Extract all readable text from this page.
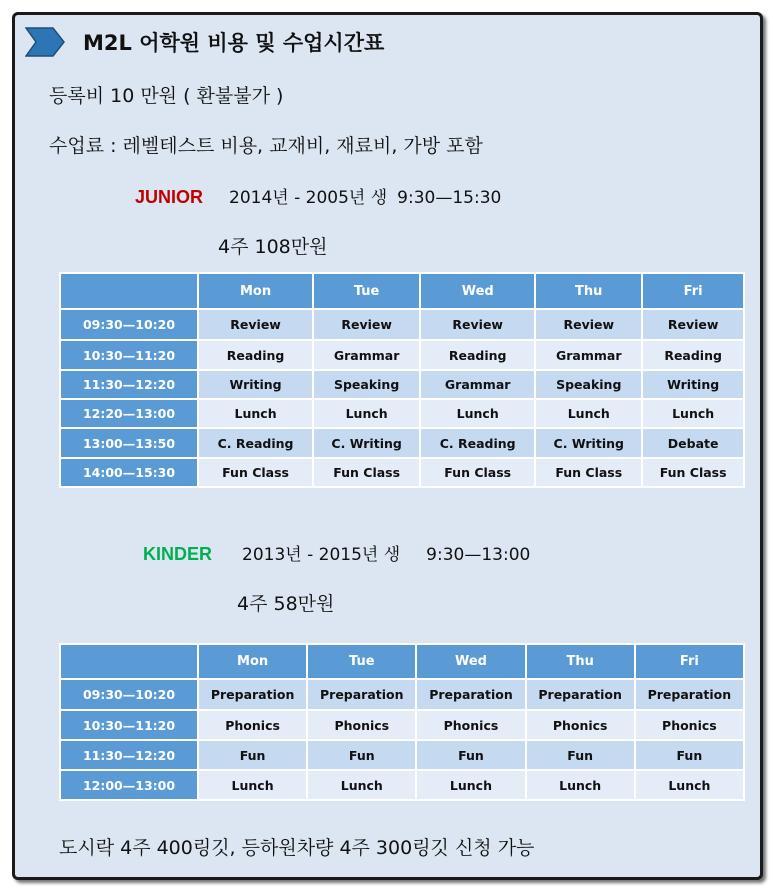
M2L 어학원 비용 및 수업시간표
등록비 10 만원 ( 환불불가 )
수업료 : 레벨테스트 비용, 교재비, 재료비, 가방 포함
JUNIOR 2014년 - 2005년 생 9:30—15:30
4주 108만원
	Mon	Tue	Wed	Thu	Fri
09:30—10:20	Review	Review	Review	Review	Review
10:30—11:20	Reading	Grammar	Reading	Grammar	Reading
11:30—12:20	Writing	Speaking	Grammar	Speaking	Writing
12:20—13:00	Lunch	Lunch	Lunch	Lunch	Lunch
13:00—13:50	C. Reading	C. Writing	C. Reading	C. Writing	Debate
14:00—15:30	Fun Class	Fun Class	Fun Class	Fun Class	Fun Class
KINDER 2013년 - 2015년 생 9:30—13:00
4주 58만원
	Mon	Tue	Wed	Thu	Fri
09:30—10:20	Preparation	Preparation	Preparation	Preparation	Preparation
10:30—11:20	Phonics	Phonics	Phonics	Phonics	Phonics
11:30—12:20	Fun	Fun	Fun	Fun	Fun
12:00—13:00	Lunch	Lunch	Lunch	Lunch	Lunch
도시락 4주 400링깃, 등하원차량 4주 300링깃 신청 가능
